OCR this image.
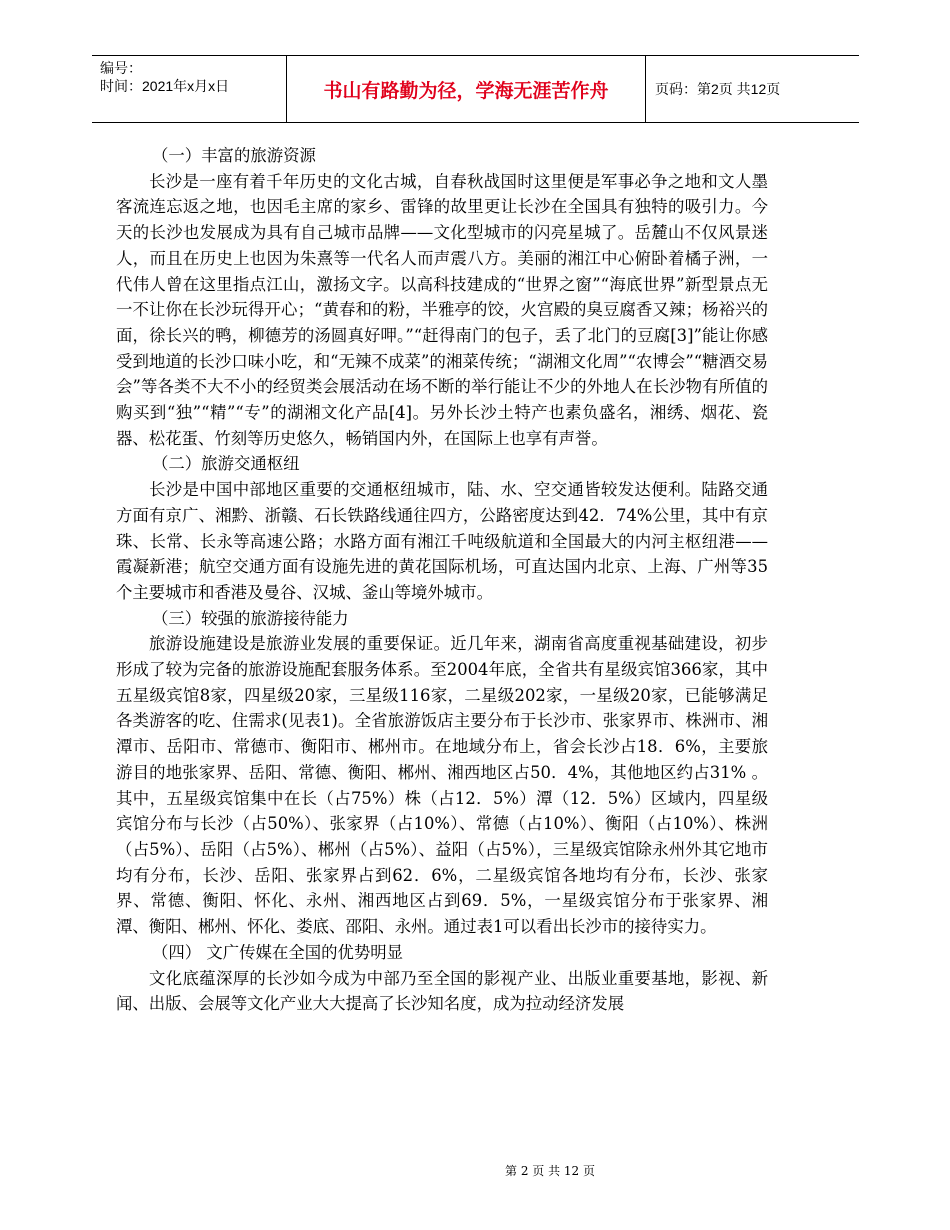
编号：
时间：2021年x月x日	书山有路勤为径，学海无涯苦作舟	页码：第2页 共12页

（一）丰富的旅游资源

长沙是一座有着千年历史的文化古城，自春秋战国时这里便是军事必争之地和文人墨客流连忘返之地，也因毛主席的家乡、雷锋的故里更让长沙在全国具有独特的吸引力。今天的长沙也发展成为具有自己城市品牌——文化型城市的闪亮星城了。岳麓山不仅风景迷人，而且在历史上也因为朱熹等一代名人而声震八方。美丽的湘江中心俯卧着橘子洲，一代伟人曾在这里指点江山，激扬文字。以高科技建成的“世界之窗”“海底世界”新型景点无一不让你在长沙玩得开心；“黄春和的粉，半雅亭的饺，火宫殿的臭豆腐香又辣；杨裕兴的面，徐长兴的鸭，柳德芳的汤圆真好呷。”“赶得南门的包子，丢了北门的豆腐[3]”能让你感受到地道的长沙口味小吃，和“无辣不成菜”的湘菜传统；“湖湘文化周”“农博会”“糖酒交易会”等各类不大不小的经贸类会展活动在场不断的举行能让不少的外地人在长沙物有所值的购买到“独”“精”“专”的湖湘文化产品[4]。另外长沙土特产也素负盛名，湘绣、烟花、瓷器、松花蛋、竹刻等历史悠久，畅销国内外，在国际上也享有声誉。

（二）旅游交通枢纽

长沙是中国中部地区重要的交通枢纽城市，陆、水、空交通皆较发达便利。陆路交通方面有京广、湘黔、浙赣、石长铁路线通往四方，公路密度达到42．74%公里，其中有京珠、长常、长永等高速公路；水路方面有湘江千吨级航道和全国最大的内河主枢纽港——霞凝新港；航空交通方面有设施先进的黄花国际机场，可直达国内北京、上海、广州等35个主要城市和香港及曼谷、汉城、釜山等境外城市。

（三）较强的旅游接待能力

旅游设施建设是旅游业发展的重要保证。近几年来，湖南省高度重视基础建设，初步形成了较为完备的旅游设施配套服务体系。至2004年底，全省共有星级宾馆366家，其中五星级宾馆8家，四星级20家，三星级116家，二星级202家，一星级20家，已能够满足各类游客的吃、住需求(见表1)。全省旅游饭店主要分布于长沙市、张家界市、株洲市、湘潭市、岳阳市、常德市、衡阳市、郴州市。在地域分布上，省会长沙占18．6%，主要旅游目的地张家界、岳阳、常德、衡阳、郴州、湘西地区占50．4%，其他地区约占31% 。其中，五星级宾馆集中在长（占75%）株（占12．5%）潭（12．5%）区域内，四星级宾馆分布与长沙（占50%）、张家界（占10%）、常德（占10%）、衡阳（占10%）、株洲（占5%）、岳阳（占5%）、郴州（占5%）、益阳（占5%），三星级宾馆除永州外其它地市均有分布，长沙、岳阳、张家界占到62．6%，二星级宾馆各地均有分布，长沙、张家界、常德、衡阳、怀化、永州、湘西地区占到69．5%，一星级宾馆分布于张家界、湘潭、衡阳、郴州、怀化、娄底、邵阳、永州。通过表1可以看出长沙市的接待实力。

（四） 文广传媒在全国的优势明显

文化底蕴深厚的长沙如今成为中部乃至全国的影视产业、出版业重要基地，影视、新闻、出版、会展等文化产业大大提高了长沙知名度，成为拉动经济发展

第 2 页 共 12 页
